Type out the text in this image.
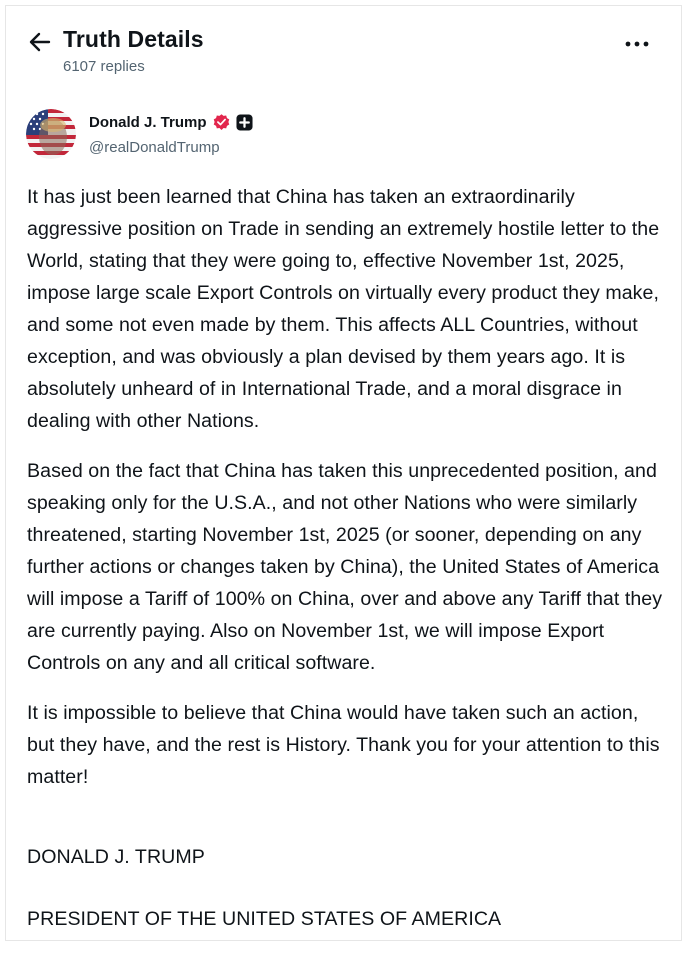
Truth Details
6107 replies
Donald J. Trump
@realDonaldTrump

It has just been learned that China has taken an extraordinarily aggressive position on Trade in sending an extremely hostile letter to the World, stating that they were going to, effective November 1st, 2025, impose large scale Export Controls on virtually every product they make, and some not even made by them. This affects ALL Countries, without exception, and was obviously a plan devised by them years ago. It is absolutely unheard of in International Trade, and a moral disgrace in dealing with other Nations.

Based on the fact that China has taken this unprecedented position, and speaking only for the U.S.A., and not other Nations who were similarly threatened, starting November 1st, 2025 (or sooner, depending on any further actions or changes taken by China), the United States of America will impose a Tariff of 100% on China, over and above any Tariff that they are currently paying. Also on November 1st, we will impose Export Controls on any and all critical software.

It is impossible to believe that China would have taken such an action, but they have, and the rest is History. Thank you for your attention to this matter!

DONALD J. TRUMP

PRESIDENT OF THE UNITED STATES OF AMERICA
